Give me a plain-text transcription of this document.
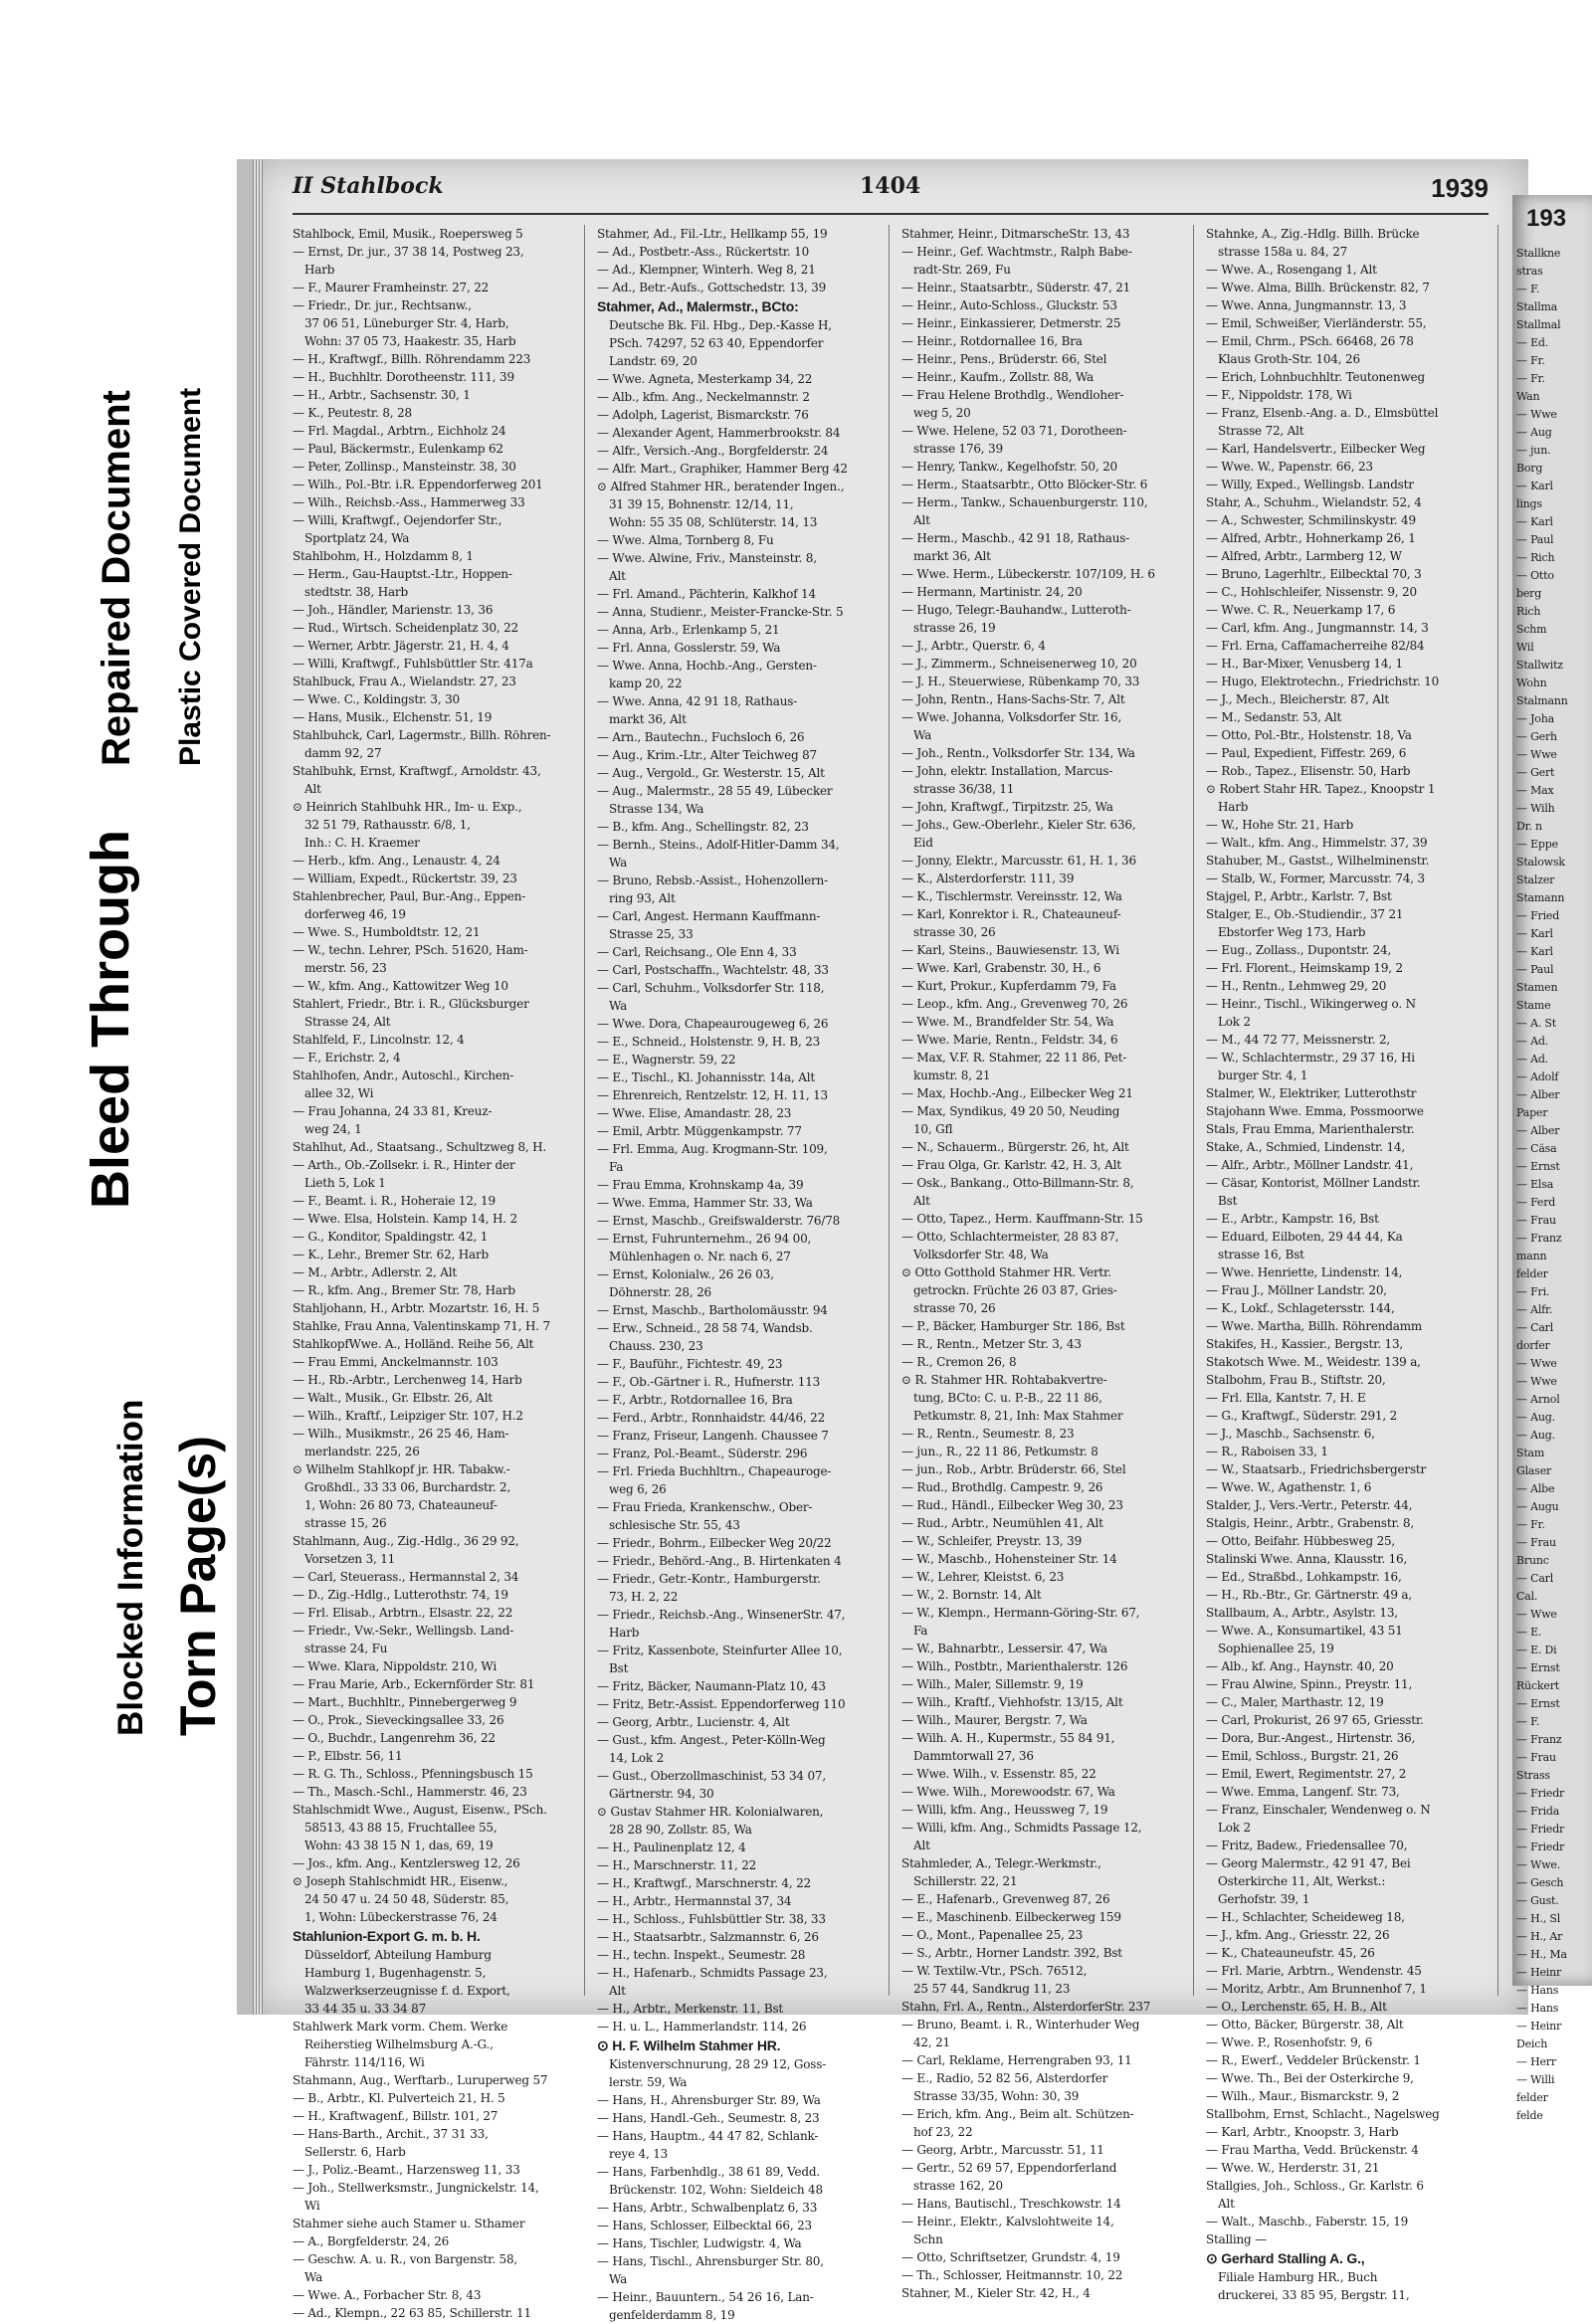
Plastic Covered Document
Repaired Document
Bleed Through
Blocked Information Torn Page(s)
II Stahlbock	1404	1939
Stahlbock, Emil, Musik., Roepersweg 5
— Ernst, Dr. jur., 37 38 14, Postweg 23,
Harb
— F., Maurer Framheinstr. 27, 22
— Friedr., Dr. jur., Rechtsanw.,
37 06 51, Lüneburger Str. 4, Harb,
Wohn: 37 05 73, Haakestr. 35, Harb
— H., Kraftwgf., Billh. Röhrendamm 223
— H., Buchhltr. Dorotheenstr. 111, 39
— H., Arbtr., Sachsenstr. 30, 1
— K., Peutestr. 8, 28
— Frl. Magdal., Arbtrn., Eichholz 24
— Paul, Bäckermstr., Eulenkamp 62
— Peter, Zollinsp., Mansteinstr. 38, 30
— Wilh., Pol.-Btr. i.R. Eppendorferweg 201
— Wilh., Reichsb.-Ass., Hammerweg 33
— Willi, Kraftwgf., Oejendorfer Str.,
Sportplatz 24, Wa
Stahlbohm, H., Holzdamm 8, 1
— Herm., Gau-Hauptst.-Ltr., Hoppen-
stedtstr. 38, Harb
— Joh., Händler, Marienstr. 13, 36
— Rud., Wirtsch. Scheidenplatz 30, 22
— Werner, Arbtr. Jägerstr. 21, H. 4, 4
— Willi, Kraftwgf., Fuhlsbüttler Str. 417a
Stahlbuck, Frau A., Wielandstr. 27, 23
— Wwe. C., Koldingstr. 3, 30
— Hans, Musik., Elchenstr. 51, 19
Stahlbuhck, Carl, Lagermstr., Billh. Röhren-
damm 92, 27
Stahlbuhk, Ernst, Kraftwgf., Arnoldstr. 43,
Alt
⊙ Heinrich Stahlbuhk HR., Im- u. Exp.,
32 51 79, Rathausstr. 6/8, 1,
Inh.: C. H. Kraemer
— Herb., kfm. Ang., Lenaustr. 4, 24
— William, Expedt., Rückertstr. 39, 23
Stahlenbrecher, Paul, Bur.-Ang., Eppen-
dorferweg 46, 19
— Wwe. S., Humboldtstr. 12, 21
— W., techn. Lehrer, PSch. 51620, Ham-
merstr. 56, 23
— W., kfm. Ang., Kattowitzer Weg 10
Stahlert, Friedr., Btr. i. R., Glücksburger
Strasse 24, Alt
Stahlfeld, F., Lincolnstr. 12, 4
— F., Erichstr. 2, 4
Stahlhofen, Andr., Autoschl., Kirchen-
allee 32, Wi
— Frau Johanna, 24 33 81, Kreuz-
weg 24, 1
Stahlhut, Ad., Staatsang., Schultzweg 8, H.
— Arth., Ob.-Zollsekr. i. R., Hinter der
Lieth 5, Lok 1
— F., Beamt. i. R., Hoheraie 12, 19
— Wwe. Elsa, Holstein. Kamp 14, H. 2
— G., Konditor, Spaldingstr. 42, 1
— K., Lehr., Bremer Str. 62, Harb
— M., Arbtr., Adlerstr. 2, Alt
— R., kfm. Ang., Bremer Str. 78, Harb
Stahljohann, H., Arbtr. Mozartstr. 16, H. 5
Stahlke, Frau Anna, Valentinskamp 71, H. 7
StahlkopfWwe. A., Holländ. Reihe 56, Alt
— Frau Emmi, Anckelmannstr. 103
— H., Rb.-Arbtr., Lerchenweg 14, Harb
— Walt., Musik., Gr. Elbstr. 26, Alt
— Wilh., Kraftf., Leipziger Str. 107, H.2
— Wilh., Musikmstr., 26 25 46, Ham-
merlandstr. 225, 26
⊙ Wilhelm Stahlkopf jr. HR. Tabakw.-
Großhdl., 33 33 06, Burchardstr. 2,
1, Wohn: 26 80 73, Chateauneuf-
strasse 15, 26
Stahlmann, Aug., Zig.-Hdlg., 36 29 92,
Vorsetzen 3, 11
— Carl, Steuerass., Hermannstal 2, 34
— D., Zig.-Hdlg., Lutterothstr. 74, 19
— Frl. Elisab., Arbtrn., Elsastr. 22, 22
— Friedr., Vw.-Sekr., Wellingsb. Land-
strasse 24, Fu
— Wwe. Klara, Nippoldstr. 210, Wi
— Frau Marie, Arb., Eckernförder Str. 81
— Mart., Buchhltr., Pinnebergerweg 9
— O., Prok., Sieveckingsallee 33, 26
— O., Buchdr., Langenrehm 36, 22
— P., Elbstr. 56, 11
— R. G. Th., Schloss., Pfenningsbusch 15
— Th., Masch.-Schl., Hammerstr. 46, 23
Stahlschmidt Wwe., August, Eisenw., PSch.
58513, 43 88 15, Fruchtallee 55,
Wohn: 43 38 15 N 1, das, 69, 19
— Jos., kfm. Ang., Kentzlersweg 12, 26
⊙ Joseph Stahlschmidt HR., Eisenw.,
24 50 47 u. 24 50 48, Süderstr. 85,
1, Wohn: Lübeckerstrasse 76, 24
Stahlunion-Export G. m. b. H.
Düsseldorf, Abteilung Hamburg
Hamburg 1, Bugenhagenstr. 5,
Walzwerkserzeugnisse f. d. Export,
33 44 35 u. 33 34 87
Stahlwerk Mark vorm. Chem. Werke
Reiherstieg Wilhelmsburg A.-G.,
Fährstr. 114/116, Wi
Stahmann, Aug., Werftarb., Luruperweg 57
— B., Arbtr., Kl. Pulverteich 21, H. 5
— H., Kraftwagenf., Billstr. 101, 27
— Hans-Barth., Archit., 37 31 33,
Sellerstr. 6, Harb
— J., Poliz.-Beamt., Harzensweg 11, 33
— Joh., Stellwerksmstr., Jungnickelstr. 14,
Wi
Stahmer siehe auch Stamer u. Sthamer
— A., Borgfelderstr. 24, 26
— Geschw. A. u. R., von Bargenstr. 58,
Wa
— Wwe. A., Forbacher Str. 8, 43
— Ad., Klempn., 22 63 85, Schillerstr. 11
Stahmer, Ad., Fil.-Ltr., Hellkamp 55, 19
— Ad., Postbetr.-Ass., Rückertstr. 10
— Ad., Klempner, Winterh. Weg 8, 21
— Ad., Betr.-Aufs., Gottschedstr. 13, 39
Stahmer, Ad., Malermstr., BCto:
Deutsche Bk. Fil. Hbg., Dep.-Kasse H,
PSch. 74297, 52 63 40, Eppendorfer
Landstr. 69, 20
— Wwe. Agneta, Mesterkamp 34, 22
— Alb., kfm. Ang., Neckelmannstr. 2
— Adolph, Lagerist, Bismarckstr. 76
— Alexander Agent, Hammerbrookstr. 84
— Alfr., Versich.-Ang., Borgfelderstr. 24
— Alfr. Mart., Graphiker, Hammer Berg 42
⊙ Alfred Stahmer HR., beratender Ingen.,
31 39 15, Bohnenstr. 12/14, 11,
Wohn: 55 35 08, Schlüterstr. 14, 13
— Wwe. Alma, Tornberg 8, Fu
— Wwe. Alwine, Friv., Mansteinstr. 8,
Alt
— Frl. Amand., Pächterin, Kalkhof 14
— Anna, Studienr., Meister-Francke-Str. 5
— Anna, Arb., Erlenkamp 5, 21
— Frl. Anna, Gosslerstr. 59, Wa
— Wwe. Anna, Hochb.-Ang., Gersten-
kamp 20, 22
— Wwe. Anna, 42 91 18, Rathaus-
markt 36, Alt
— Arn., Bautechn., Fuchsloch 6, 26
— Aug., Krim.-Ltr., Alter Teichweg 87
— Aug., Vergold., Gr. Westerstr. 15, Alt
— Aug., Malermstr., 28 55 49, Lübecker
Strasse 134, Wa
— B., kfm. Ang., Schellingstr. 82, 23
— Bernh., Steins., Adolf-Hitler-Damm 34,
Wa
— Bruno, Rebsb.-Assist., Hohenzollern-
ring 93, Alt
— Carl, Angest. Hermann Kauffmann-
Strasse 25, 33
— Carl, Reichsang., Ole Enn 4, 33
— Carl, Postschaffn., Wachtelstr. 48, 33
— Carl, Schuhm., Volksdorfer Str. 118,
Wa
— Wwe. Dora, Chapeaurougeweg 6, 26
— E., Schneid., Holstenstr. 9, H. B, 23
— E., Wagnerstr. 59, 22
— E., Tischl., Kl. Johannisstr. 14a, Alt
— Ehrenreich, Rentzelstr. 12, H. 11, 13
— Wwe. Elise, Amandastr. 28, 23
— Emil, Arbtr. Müggenkampstr. 77
— Frl. Emma, Aug. Krogmann-Str. 109,
Fa
— Frau Emma, Krohnskamp 4a, 39
— Wwe. Emma, Hammer Str. 33, Wa
— Ernst, Maschb., Greifswalderstr. 76/78
— Ernst, Fuhrunternehm., 26 94 00,
Mühlenhagen o. Nr. nach 6, 27
— Ernst, Kolonialw., 26 26 03,
Döhnerstr. 28, 26
— Ernst, Maschb., Bartholomäusstr. 94
— Erw., Schneid., 28 58 74, Wandsb.
Chauss. 230, 23
— F., Bauführ., Fichtestr. 49, 23
— F., Ob.-Gärtner i. R., Hufnerstr. 113
— F., Arbtr., Rotdornallee 16, Bra
— Ferd., Arbtr., Ronnhaidstr. 44/46, 22
— Franz, Friseur, Langenh. Chaussee 7
— Franz, Pol.-Beamt., Süderstr. 296
— Frl. Frieda Buchhltrn., Chapeauroge-
weg 6, 26
— Frau Frieda, Krankenschw., Ober-
schlesische Str. 55, 43
— Friedr., Bohrm., Eilbecker Weg 20/22
— Friedr., Behörd.-Ang., B. Hirtenkaten 4
— Friedr., Getr.-Kontr., Hamburgerstr.
73, H. 2, 22
— Friedr., Reichsb.-Ang., WinsenerStr. 47,
Harb
— Fritz, Kassenbote, Steinfurter Allee 10,
Bst
— Fritz, Bäcker, Naumann-Platz 10, 43
— Fritz, Betr.-Assist. Eppendorferweg 110
— Georg, Arbtr., Lucienstr. 4, Alt
— Gust., kfm. Angest., Peter-Kölln-Weg
14, Lok 2
— Gust., Oberzollmaschinist, 53 34 07,
Gärtnerstr. 94, 30
⊙ Gustav Stahmer HR. Kolonialwaren,
28 28 90, Zollstr. 85, Wa
— H., Paulinenplatz 12, 4
— H., Marschnerstr. 11, 22
— H., Kraftwgf., Marschnerstr. 4, 22
— H., Arbtr., Hermannstal 37, 34
— H., Schloss., Fuhlsbüttler Str. 38, 33
— H., Staatsarbtr., Salzmannstr. 6, 26
— H., techn. Inspekt., Seumestr. 28
— H., Hafenarb., Schmidts Passage 23,
Alt
— H., Arbtr., Merkenstr. 11, Bst
— H. u. L., Hammerlandstr. 114, 26
⊙ H. F. Wilhelm Stahmer HR.
Kistenverschnurung, 28 29 12, Goss-
lerstr. 59, Wa
— Hans, H., Ahrensburger Str. 89, Wa
— Hans, Handl.-Geh., Seumestr. 8, 23
— Hans, Hauptm., 44 47 82, Schlank-
reye 4, 13
— Hans, Farbenhdlg., 38 61 89, Vedd.
Brückenstr. 102, Wohn: Sieldeich 48
— Hans, Arbtr., Schwalbenplatz 6, 33
— Hans, Schlosser, Eilbecktal 66, 23
— Hans, Tischler, Ludwigstr. 4, Wa
— Hans, Tischl., Ahrensburger Str. 80,
Wa
— Heinr., Bauuntern., 54 26 16, Lan-
genfelderdamm 8, 19
Stahmer, Heinr., DitmarscheStr. 13, 43
— Heinr., Gef. Wachtmstr., Ralph Babe-
radt-Str. 269, Fu
— Heinr., Staatsarbtr., Süderstr. 47, 21
— Heinr., Auto-Schloss., Gluckstr. 53
— Heinr., Einkassierer, Detmerstr. 25
— Heinr., Rotdornallee 16, Bra
— Heinr., Pens., Brüderstr. 66, Stel
— Heinr., Kaufm., Zollstr. 88, Wa
— Frau Helene Brothdlg., Wendloher-
weg 5, 20
— Wwe. Helene, 52 03 71, Dorotheen-
strasse 176, 39
— Henry, Tankw., Kegelhofstr. 50, 20
— Herm., Staatsarbtr., Otto Blöcker-Str. 6
— Herm., Tankw., Schauenburgerstr. 110,
Alt
— Herm., Maschb., 42 91 18, Rathaus-
markt 36, Alt
— Wwe. Herm., Lübeckerstr. 107/109, H. 6
— Hermann, Martinistr. 24, 20
— Hugo, Telegr.-Bauhandw., Lutteroth-
strasse 26, 19
— J., Arbtr., Querstr. 6, 4
— J., Zimmerm., Schneisenerweg 10, 20
— J. H., Steuerwiese, Rübenkamp 70, 33
— John, Rentn., Hans-Sachs-Str. 7, Alt
— Wwe. Johanna, Volksdorfer Str. 16,
Wa
— Joh., Rentn., Volksdorfer Str. 134, Wa
— John, elektr. Installation, Marcus-
strasse 36/38, 11
— John, Kraftwgf., Tirpitzstr. 25, Wa
— Johs., Gew.-Oberlehr., Kieler Str. 636,
Eid
— Jonny, Elektr., Marcusstr. 61, H. 1, 36
— K., Alsterdorferstr. 111, 39
— K., Tischlermstr. Vereinsstr. 12, Wa
— Karl, Konrektor i. R., Chateauneuf-
strasse 30, 26
— Karl, Steins., Bauwiesenstr. 13, Wi
— Wwe. Karl, Grabenstr. 30, H., 6
— Kurt, Prokur., Kupferdamm 79, Fa
— Leop., kfm. Ang., Grevenweg 70, 26
— Wwe. M., Brandfelder Str. 54, Wa
— Wwe. Marie, Rentn., Feldstr. 34, 6
— Max, V.F. R. Stahmer, 22 11 86, Pet-
kumstr. 8, 21
— Max, Hochb.-Ang., Eilbecker Weg 21
— Max, Syndikus, 49 20 50, Neuding
10, Gfl
— N., Schauerm., Bürgerstr. 26, ht, Alt
— Frau Olga, Gr. Karlstr. 42, H. 3, Alt
— Osk., Bankang., Otto-Billmann-Str. 8,
Alt
— Otto, Tapez., Herm. Kauffmann-Str. 15
— Otto, Schlachtermeister, 28 83 87,
Volksdorfer Str. 48, Wa
⊙ Otto Gotthold Stahmer HR. Vertr.
getrockn. Früchte 26 03 87, Gries-
strasse 70, 26
— P., Bäcker, Hamburger Str. 186, Bst
— R., Rentn., Metzer Str. 3, 43
— R., Cremon 26, 8
⊙ R. Stahmer HR. Rohtabakvertre-
tung, BCto: C. u. P.-B., 22 11 86,
Petkumstr. 8, 21, Inh: Max Stahmer
— R., Rentn., Seumestr. 8, 23
— jun., R., 22 11 86, Petkumstr. 8
— jun., Rob., Arbtr. Brüderstr. 66, Stel
— Rud., Brothdlg. Campestr. 9, 26
— Rud., Händl., Eilbecker Weg 30, 23
— Rud., Arbtr., Neumühlen 41, Alt
— W., Schleifer, Preystr. 13, 39
— W., Maschb., Hohensteiner Str. 14
— W., Lehrer, Kleistst. 6, 23
— W., 2. Bornstr. 14, Alt
— W., Klempn., Hermann-Göring-Str. 67,
Fa
— W., Bahnarbtr., Lessersir. 47, Wa
— Wilh., Postbtr., Marienthalerstr. 126
— Wilh., Maler, Sillemstr. 9, 19
— Wilh., Kraftf., Viehhofstr. 13/15, Alt
— Wilh., Maurer, Bergstr. 7, Wa
— Wilh. A. H., Kupermstr., 55 84 91,
Dammtorwall 27, 36
— Wwe. Wilh., v. Essenstr. 85, 22
— Wwe. Wilh., Morewoodstr. 67, Wa
— Willi, kfm. Ang., Heussweg 7, 19
— Willi, kfm. Ang., Schmidts Passage 12,
Alt
Stahmleder, A., Telegr.-Werkmstr.,
Schillerstr. 22, 21
— E., Hafenarb., Grevenweg 87, 26
— E., Maschinenb. Eilbeckerweg 159
— O., Mont., Papenallee 25, 23
— S., Arbtr., Horner Landstr. 392, Bst
— W. Textilw.-Vtr., PSch. 76512,
25 57 44, Sandkrug 11, 23
Stahn, Frl. A., Rentn., AlsterdorferStr. 237
— Bruno, Beamt. i. R., Winterhuder Weg
42, 21
— Carl, Reklame, Herrengraben 93, 11
— E., Radio, 52 82 56, Alsterdorfer
Strasse 33/35, Wohn: 30, 39
— Erich, kfm. Ang., Beim alt. Schützen-
hof 23, 22
— Georg, Arbtr., Marcusstr. 51, 11
— Gertr., 52 69 57, Eppendorferland
strasse 162, 20
— Hans, Bautischl., Treschkowstr. 14
— Heinr., Elektr., Kalvslohtweite 14,
Schn
— Otto, Schriftsetzer, Grundstr. 4, 19
— Th., Schlosser, Heitmannstr. 10, 22
Stahner, M., Kieler Str. 42, H., 4
Stahnke, A., Zig.-Hdlg. Billh. Brücke
strasse 158a u. 84, 27
— Wwe. A., Rosengang 1, Alt
— Wwe. Alma, Billh. Brückenstr. 82, 7
— Wwe. Anna, Jungmannstr. 13, 3
— Emil, Schweißer, Vierländerstr. 55,
— Emil, Chrm., PSch. 66468, 26 78
Klaus Groth-Str. 104, 26
— Erich, Lohnbuchhltr. Teutonenweg
— F., Nippoldstr. 178, Wi
— Franz, Elsenb.-Ang. a. D., Elmsbüttel
Strasse 72, Alt
— Karl, Handelsvertr., Eilbecker Weg
— Wwe. W., Papenstr. 66, 23
— Willy, Exped., Wellingsb. Landstr
Stahr, A., Schuhm., Wielandstr. 52, 4
— A., Schwester, Schmilinskystr. 49
— Alfred, Arbtr., Hohnerkamp 26, 1
— Alfred, Arbtr., Larmberg 12, W
— Bruno, Lagerhltr., Eilbecktal 70, 3
— C., Hohlschleifer, Nissenstr. 9, 20
— Wwe. C. R., Neuerkamp 17, 6
— Carl, kfm. Ang., Jungmannstr. 14, 3
— Frl. Erna, Caffamacherreihe 82/84
— H., Bar-Mixer, Venusberg 14, 1
— Hugo, Elektrotechn., Friedrichstr. 10
— J., Mech., Bleicherstr. 87, Alt
— M., Sedanstr. 53, Alt
— Otto, Pol.-Btr., Holstenstr. 18, Va
— Paul, Expedient, Fiffestr. 269, 6
— Rob., Tapez., Elisenstr. 50, Harb
⊙ Robert Stahr HR. Tapez., Knoopstr 1
Harb
— W., Hohe Str. 21, Harb
— Walt., kfm. Ang., Himmelstr. 37, 39
Stahuber, M., Gastst., Wilhelminenstr.
— Stalb, W., Former, Marcusstr. 74, 3
Stajgel, P., Arbtr., Karlstr. 7, Bst
Stalger, E., Ob.-Studiendir., 37 21
Ebstorfer Weg 173, Harb
— Eug., Zollass., Dupontstr. 24,
— Frl. Florent., Heimskamp 19, 2
— H., Rentn., Lehmweg 29, 20
— Heinr., Tischl., Wikingerweg o. N
Lok 2
— M., 44 72 77, Meissnerstr. 2,
— W., Schlachtermstr., 29 37 16, Hi
burger Str. 4, 1
Stalmer, W., Elektriker, Lutterothstr
Stajohann Wwe. Emma, Possmoorwe
Stals, Frau Emma, Marienthalerstr.
Stake, A., Schmied, Lindenstr. 14,
— Alfr., Arbtr., Möllner Landstr. 41,
— Cäsar, Kontorist, Möllner Landstr.
Bst
— E., Arbtr., Kampstr. 16, Bst
— Eduard, Eilboten, 29 44 44, Ka
strasse 16, Bst
— Wwe. Henriette, Lindenstr. 14,
— Frau J., Möllner Landstr. 20,
— K., Lokf., Schlagetersstr. 144,
— Wwe. Martha, Billh. Röhrendamm
Stakifes, H., Kassier., Bergstr. 13,
Stakotsch Wwe. M., Weidestr. 139 a,
Stalbohm, Frau B., Stiftstr. 20,
— Frl. Ella, Kantstr. 7, H. E
— G., Kraftwgf., Süderstr. 291, 2
— J., Maschb., Sachsenstr. 6,
— R., Raboisen 33, 1
— W., Staatsarb., Friedrichsbergerstr
— Wwe. W., Agathenstr. 1, 6
Stalder, J., Vers.-Vertr., Peterstr. 44,
Stalgis, Heinr., Arbtr., Grabenstr. 8,
— Otto, Beifahr. Hübbesweg 25,
Stalinski Wwe. Anna, Klausstr. 16,
— Ed., Straßbd., Lohkampstr. 16,
— H., Rb.-Btr., Gr. Gärtnerstr. 49 a,
Stallbaum, A., Arbtr., Asylstr. 13,
— Wwe. A., Konsumartikel, 43 51
Sophienallee 25, 19
— Alb., kf. Ang., Haynstr. 40, 20
— Frau Alwine, Spinn., Preystr. 11,
— C., Maler, Marthastr. 12, 19
— Carl, Prokurist, 26 97 65, Griesstr.
— Dora, Bur.-Angest., Hirtenstr. 36,
— Emil, Schloss., Burgstr. 21, 26
— Emil, Ewert, Regimentstr. 27, 2
— Wwe. Emma, Langenf. Str. 73,
— Franz, Einschaler, Wendenweg o. N
Lok 2
— Fritz, Badew., Friedensallee 70,
— Georg Malermstr., 42 91 47, Bei
Osterkirche 11, Alt, Werkst.:
Gerhofstr. 39, 1
— H., Schlachter, Scheideweg 18,
— J., kfm. Ang., Griesstr. 22, 26
— K., Chateauneufstr. 45, 26
— Frl. Marie, Arbtrn., Wendenstr. 45
— Moritz, Arbtr., Am Brunnenhof 7, 1
— O., Lerchenstr. 65, H. B., Alt
— Otto, Bäcker, Bürgerstr. 38, Alt
— Wwe. P., Rosenhofstr. 9, 6
— R., Ewerf., Veddeler Brückenstr. 1
— Wwe. Th., Bei der Osterkirche 9,
— Wilh., Maur., Bismarckstr. 9, 2
Stallbohm, Ernst, Schlacht., Nagelsweg
— Karl, Arbtr., Knoopstr. 3, Harb
— Frau Martha, Vedd. Brückenstr. 4
— Wwe. W., Herderstr. 31, 21
Stallgies, Joh., Schloss., Gr. Karlstr. 6
Alt
— Walt., Maschb., Faberstr. 15, 19
Stalling —
⊙ Gerhard Stalling A. G.,
Filiale Hamburg HR., Buch
druckerei, 33 85 95, Bergstr. 11,
193
Stallkne
stras
— F.
Stallma
Stallmal
— Ed.
— Fr.
— Fr.
Wan
— Wwe
— Aug
— jun.
Borg
— Karl
lings
— Karl
— Paul
— Rich
— Otto
berg
Rich
Schm
Wil
Stallwitz
Wohn
Stalmann
— Joha
— Gerh
— Wwe
— Gert
— Max
— Wilh
Dr. n
— Eppe
Stalowsk
Stalzer
Stamann
— Fried
— Karl
— Karl
— Paul
Stamen
Stame
— A. St
— Ad.
— Ad.
— Adolf
— Alber
Paper
— Alber
— Cäsa
— Ernst
— Elsa
— Ferd
— Frau
— Franz
mann
felder
— Fri.
— Alfr.
— Carl
dorfer
— Wwe
— Wwe
— Arnol
— Aug.
— Aug.
Stam
Glaser
— Albe
— Augu
— Fr.
— Frau
Brunc
— Carl
Cal.
— Wwe
— E.
— E. Di
— Ernst
Rückert
— Ernst
— F.
— Franz
— Frau
Strass
— Friedr
— Frida
— Friedr
— Friedr
— Wwe.
— Gesch
— Gust.
— H., Sl
— H., Ar
— H., Ma
— Heinr
— Hans
— Hans
— Heinr
Deich
— Herr
— Willi
felder
felde
